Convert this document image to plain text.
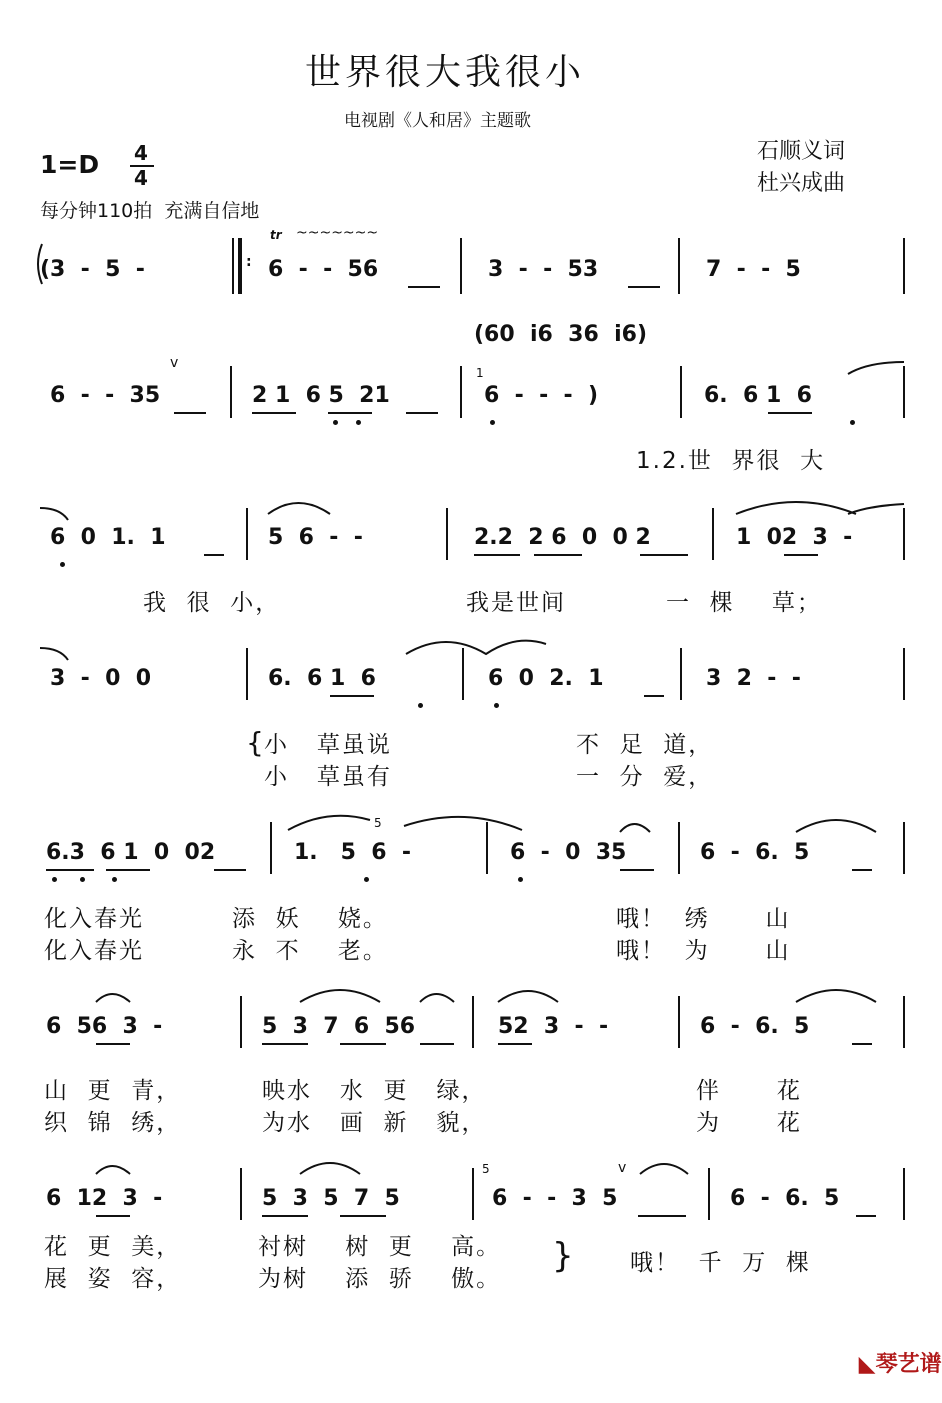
世界很大我很小
电视剧《人和居》主题歌
1=D 4
4
每分钟110拍  充满自信地
石顺义词
杜兴成曲
(3  -  5  -	:
tr ~~~~~~~
6  -  -  56	3  -  -  53	7  -  -  5
(60  i6  36  i6)
v
6  -  -  35	2 1  6 5  21
1
6  -  -  -  )	6.  6 1  6
1.2.世  界很  大
6  0  1.  1	5  6  -  -	2.2  2 6  0  0 2	1  02  3  -
我  很  小，	我是世间	一  棵    草；
3  -  0  0	6.  6 1  6	6  0  2.  1	3  2  -  -
{ 小   草虽说	不  足  道，
小   草虽有	一  分  爱，
6.3  6 1  0  02
5
1.   5  6  -	6  -  0  35	6  -  6.  5
化入春光	添  妖    娆。	哦！  绣      山
化入春光	永  不    老。	哦！  为      山
6  56  3  -	5  3  7  6  56	52  3  -  -	6  -  6.  5
山  更  青，	映水   水  更   绿，	伴      花
织  锦  绣，	为水   画  新   貌，	为      花
6  12  3  -	5  3  5  7  5
5	v
6  -  -  3  5	6  -  6.  5
花  更  美，	衬树    树  更    高。
展  姿  容，	为树    添  骄    傲。
} 哦！  千  万  棵

◣琴艺谱
